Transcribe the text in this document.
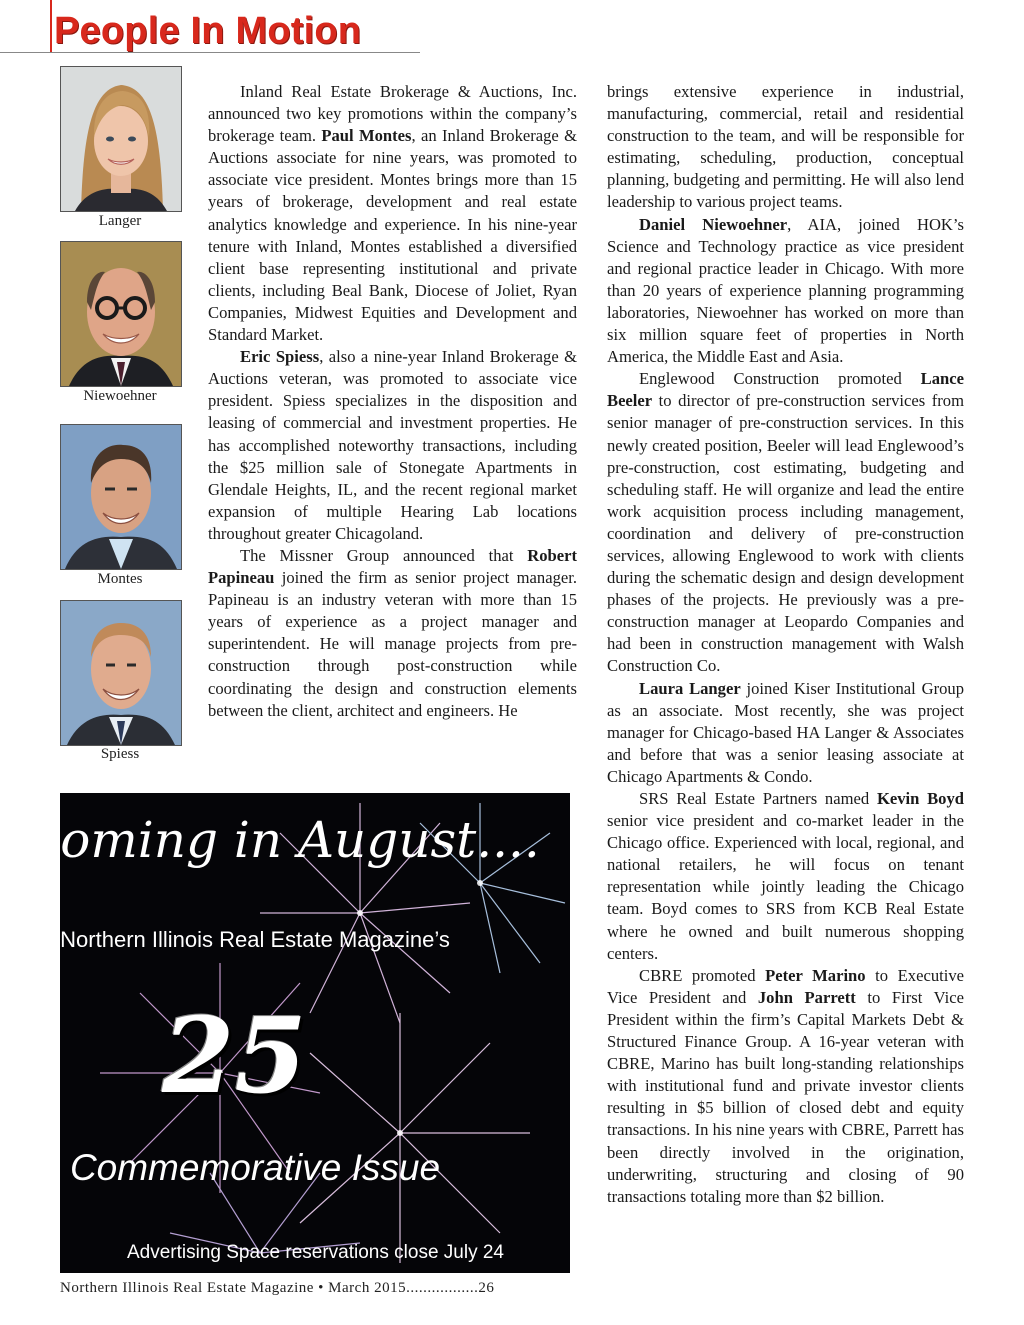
People In Motion
Langer
Niewoehner
Montes
Spiess

Inland Real Estate Brokerage & Auctions, Inc. announced two key promotions within the company’s brokerage team. Paul Montes, an Inland Brokerage & Auctions associate for nine years, was promoted to associate vice president. Montes brings more than 15 years of brokerage, development and real estate analytics knowledge and experience. In his nine-year tenure with Inland, Montes established a diversified client base representing institutional and private clients, including Beal Bank, Diocese of Joliet, Ryan Companies, Midwest Equities and Development and Standard Market.

Eric Spiess, also a nine-year Inland Brokerage & Auctions veteran, was promoted to associate vice president. Spiess specializes in the disposition and leasing of commercial and investment properties. He has accomplished noteworthy transactions, including the $25 million sale of Stonegate Apartments in Glendale Heights, IL, and the recent regional market expansion of multiple Hearing Lab locations throughout greater Chicagoland.

The Missner Group announced that Robert Papineau joined the firm as senior project manager. Papineau is an industry veteran with more than 15 years of experience as a project manager and superintendent. He will manage projects from pre-construction through post-construction while coordinating the design and construction elements between the client, architect and engineers. He

brings extensive experience in industrial, manufacturing, commercial, retail and residential construction to the team, and will be responsible for estimating, scheduling, production, conceptual planning, budgeting and permitting. He will also lend leadership to various project teams.

Daniel Niewoehner, AIA, joined HOK’s Science and Technology practice as vice president and regional practice leader in Chicago. With more than 20 years of experience planning programming laboratories, Niewoehner has worked on more than six million square feet of properties in North America, the Middle East and Asia.

Englewood Construction promoted Lance Beeler to director of pre-construction services from senior manager of pre-construction services. In this newly created position, Beeler will lead Englewood’s pre-construction, cost estimating, budgeting and scheduling staff. He will organize and lead the entire work acquisition process including management, coordination and delivery of pre-construction services, allowing Englewood to work with clients during the schematic design and design development phases of the projects. He previously was a pre-construction manager at Leopardo Companies and had been in construction management with Walsh Construction Co.

Laura Langer joined Kiser Institutional Group as an associate. Most recently, she was project manager for Chicago-based HA Langer & Associates and before that was a senior leasing associate at Chicago Apartments & Condo.

SRS Real Estate Partners named Kevin Boyd senior vice president and co-market leader in the Chicago office. Experienced with local, regional, and national retailers, he will focus on tenant representation while jointly leading the Chicago team. Boyd comes to SRS from KCB Real Estate where he owned and built numerous shopping centers.

CBRE promoted Peter Marino to Executive Vice President and John Parrett to First Vice President within the firm’s Capital Markets Debt & Structured Finance Group. A 16-year veteran with CBRE, Marino has built long-standing relationships with institutional fund and private investor clients resulting in $5 billion of closed debt and equity transactions. In his nine years with CBRE, Parrett has been directly involved in the origination, underwriting, structuring and closing of 90 transactions totaling more than $2 billion.

Coming in August....
Northern Illinois Real Estate Magazine’s
25
Commemorative Issue
Advertising Space reservations close July 24
Northern Illinois Real Estate Magazine • March 2015.................26
